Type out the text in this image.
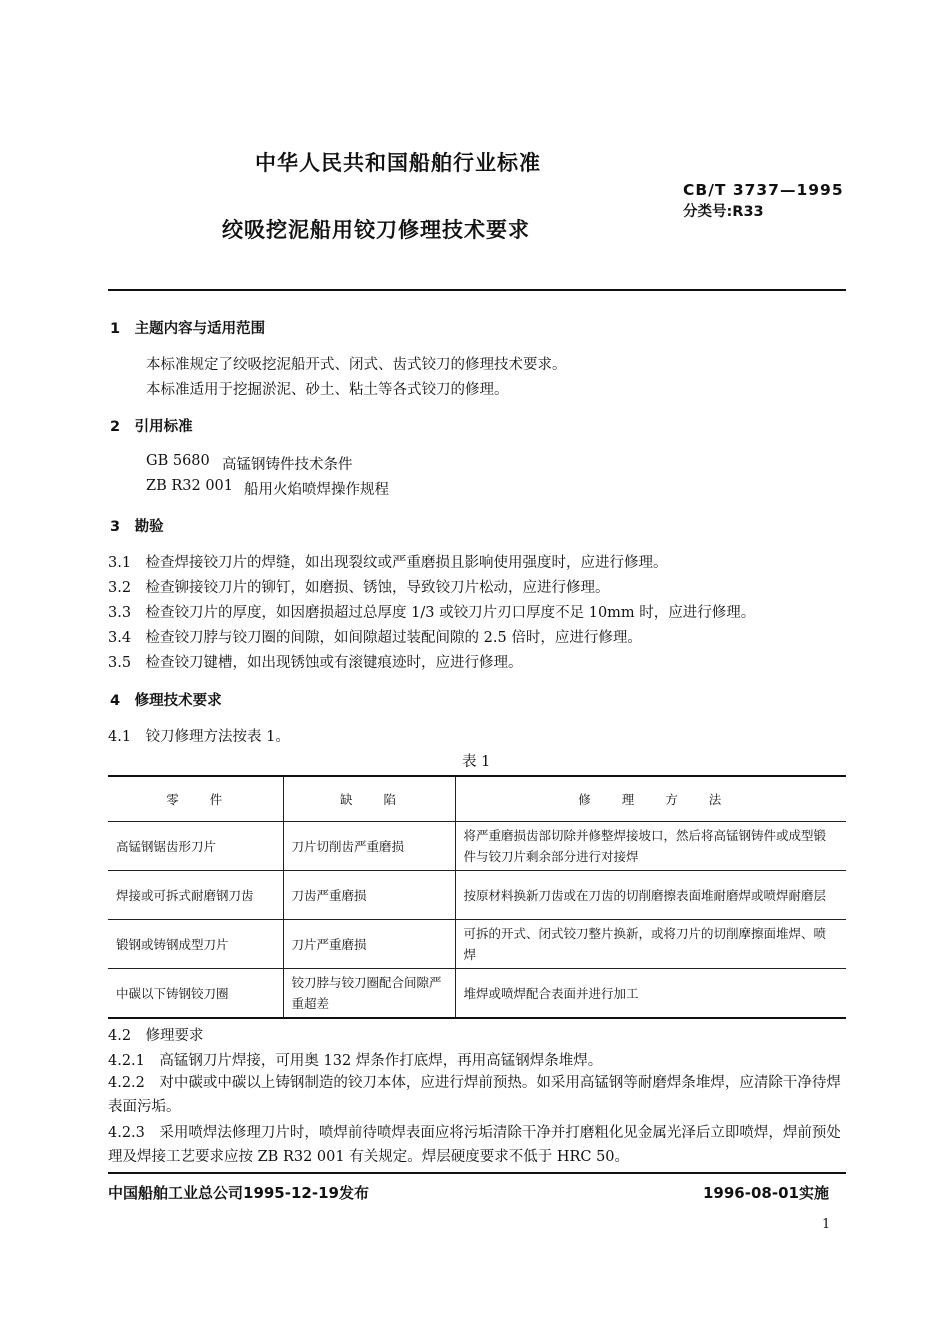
中华人民共和国船舶行业标准
CB/T 3737—1995
分类号:R33
绞吸挖泥船用铰刀修理技术要求
1　主题内容与适用范围
本标准规定了绞吸挖泥船开式、闭式、齿式铰刀的修理技术要求。
本标准适用于挖掘淤泥、砂土、粘土等各式铰刀的修理。
2　引用标准
GB 5680 高锰钢铸件技术条件
ZB R32 001 船用火焰喷焊操作规程
3　勘验
3.1　检查焊接铰刀片的焊缝，如出现裂纹或严重磨损且影响使用强度时，应进行修理。
3.2　检查铆接铰刀片的铆钉，如磨损、锈蚀，导致铰刀片松动，应进行修理。
3.3　检查铰刀片的厚度，如因磨损超过总厚度 1/3 或铰刀片刃口厚度不足 10mm 时，应进行修理。
3.4　检查铰刀脖与铰刀圈的间隙，如间隙超过装配间隙的 2.5 倍时，应进行修理。
3.5　检查铰刀键槽，如出现锈蚀或有滚键痕迹时，应进行修理。
4　修理技术要求
4.1　铰刀修理方法按表 1。
表 1
零　　件	缺　　陷	修　　理　　方　　法
高锰钢锯齿形刀片	刀片切削齿严重磨损	将严重磨损齿部切除并修整焊接坡口，然后将高锰钢铸件或成型锻件与铰刀片剩余部分进行对接焊
焊接或可拆式耐磨钢刀齿	刀齿严重磨损	按原材料换新刀齿或在刀齿的切削磨擦表面堆耐磨焊或喷焊耐磨层
锻钢或铸钢成型刀片	刀片严重磨损	可拆的开式、闭式铰刀整片换新，或将刀片的切削摩擦面堆焊、喷焊
中碳以下铸钢铰刀圈	铰刀脖与铰刀圈配合间隙严重超差	堆焊或喷焊配合表面并进行加工
4.2　修理要求
4.2.1　高锰钢刀片焊接，可用奥 132 焊条作打底焊，再用高锰钢焊条堆焊。
4.2.2　对中碳或中碳以上铸钢制造的铰刀本体，应进行焊前预热。如采用高锰钢等耐磨焊条堆焊，应清除干净待焊表面污垢。
4.2.3　采用喷焊法修理刀片时，喷焊前待喷焊表面应将污垢清除干净并打磨粗化见金属光泽后立即喷焊，焊前预处理及焊接工艺要求应按 ZB R32 001 有关规定。焊层硬度要求不低于 HRC 50。
中国船舶工业总公司1995-12-19发布	1996-08-01实施
1
